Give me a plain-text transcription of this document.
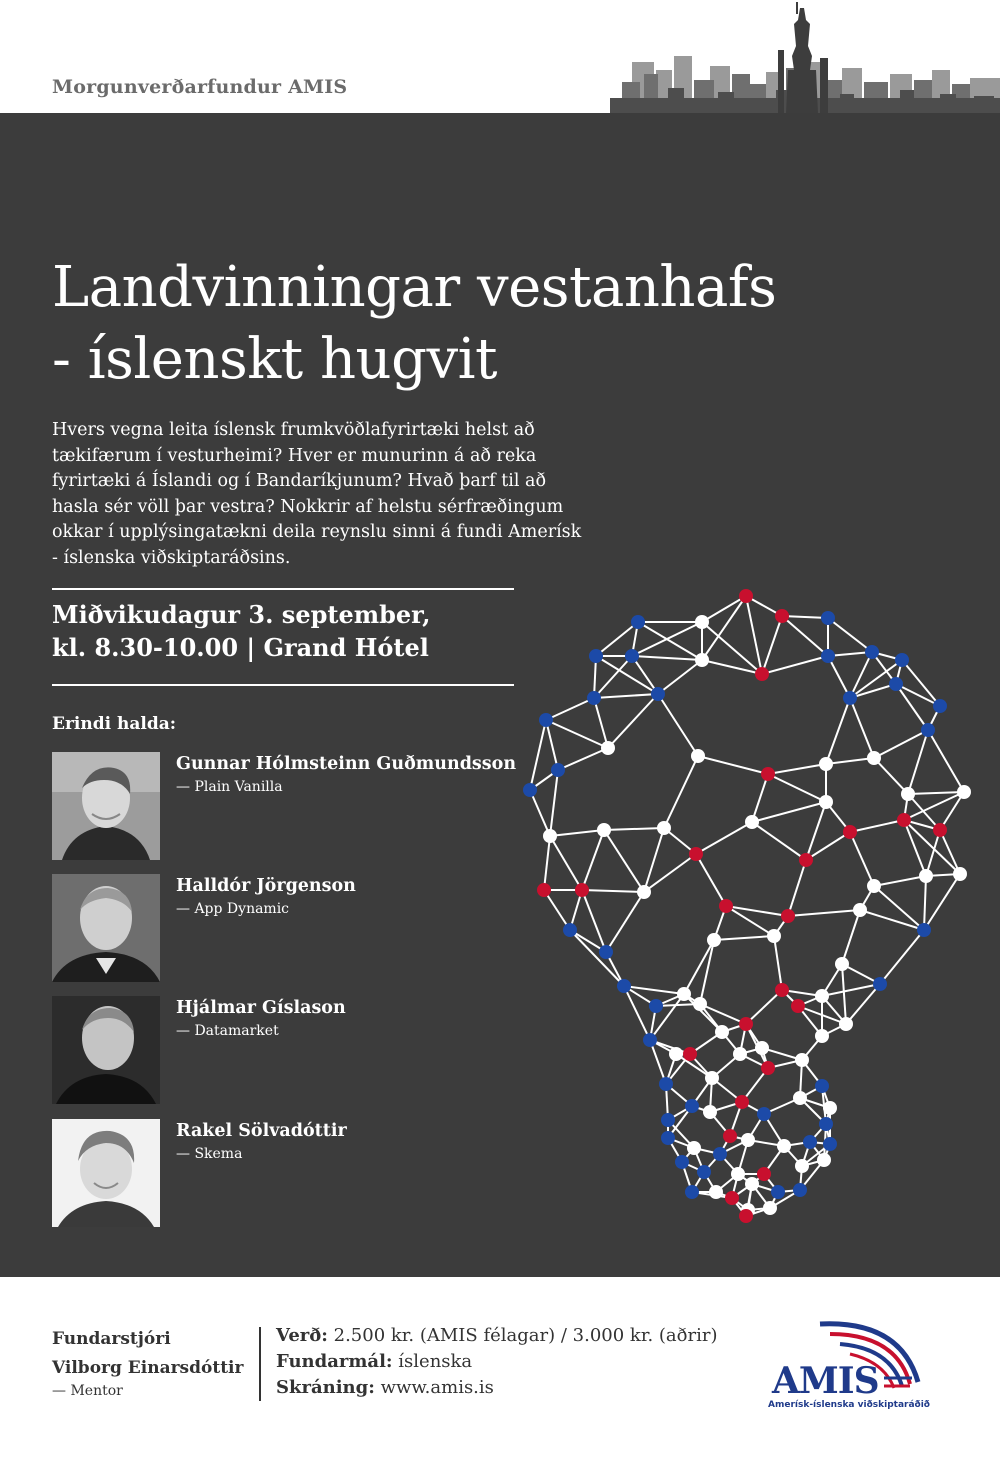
Morgunverðarfundur AMIS
Landvinningar vestanhafs
- íslenskt hugvit

Hvers vegna leita íslensk frumkvöðlafyrirtæki helst að tækifærum í vesturheimi? Hver er munurinn á að reka fyrirtæki á Íslandi og í Bandaríkjunum? Hvað þarf til að hasla sér völl þar vestra? Nokkrir af helstu sérfræðingum okkar í upplýsingatækni deila reynslu sinni á fundi Amerísk - íslenska viðskiptaráðsins.

Miðvikudagur 3. september,
kl. 8.30-10.00 | Grand Hótel
Erindi halda:
Gunnar Hólmsteinn Guðmundsson
— Plain Vanilla
Halldór Jörgenson
— App Dynamic
Hjálmar Gíslason
— Datamarket
Rakel Sölvadóttir
— Skema
Fundarstjóri
Vilborg Einarsdóttir
— Mentor
Verð: 2.500 kr. (AMIS félagar) / 3.000 kr. (aðrir)
Fundarmál: íslenska
Skráning: www.amis.is	AMIS
Amerísk-íslenska viðskiptaráðið
